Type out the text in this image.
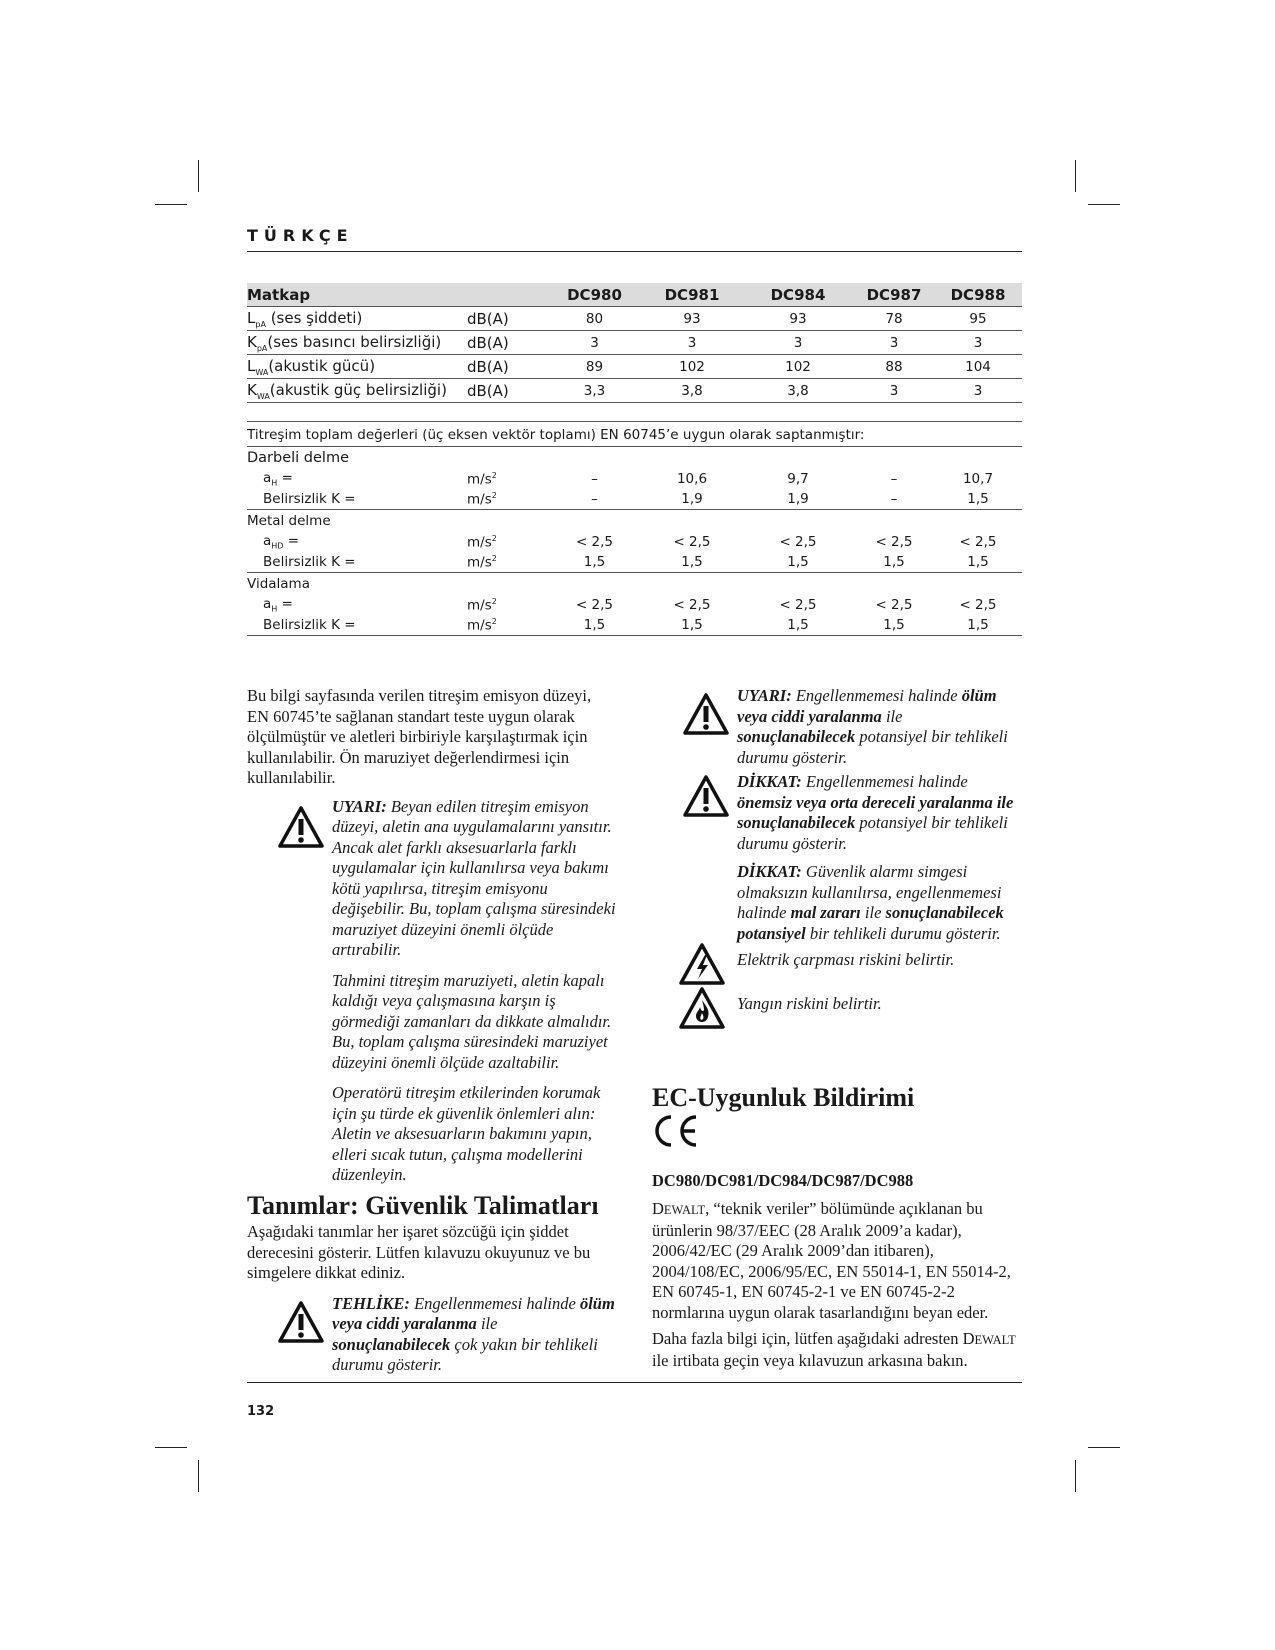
TÜRKÇE
Matkap		DC980	DC981	DC984	DC987	DC988
$L_{pA}$ (ses şiddeti)	dB(A)	80	93	93	78	95
$K_{pA}(ses$ basıncı belirsizliği)	dB(A)	3	3	3	3	3
$L_{WA}(akustik$ gücü)	dB(A)	89	102	102	88	104
$K_{WA}(akustik$ güç belirsizliği)	dB(A)	3,3	3,8	3,8	3	3
Titreşim toplam değerleri (üç eksen vektör toplamı) EN 60745’e uygun olarak saptanmıştır:						
Darbeli delme						
$a_H$ =	$m/s^2$	–	10,6	9,7	–	10,7
Belirsizlik K =	$m/s^2$	–	1,9	1,9	–	1,5
Metal delme						
$a_{HD}$ =	$m/s^2$	< 2,5	< 2,5	< 2,5	< 2,5	< 2,5
Belirsizlik K =	$m/s^2$	1,5	1,5	1,5	1,5	1,5
Vidalama						
$a_H$ =	$m/s^2$	< 2,5	< 2,5	< 2,5	< 2,5	< 2,5
Belirsizlik K =	$m/s^2$	1,5	1,5	1,5	1,5	1,5

Bu bilgi sayfasında verilen titreşim emisyon düzeyi, EN 60745’te sağlanan standart teste uygun olarak ölçülmüştür ve aletleri birbiriyle karşılaştırmak için kullanılabilir. Ön maruziyet değerlendirmesi için kullanılabilir.

UYARI: Beyan edilen titreşim emisyon düzeyi, aletin ana uygulamalarını yansıtır. Ancak alet farklı aksesuarlarla farklı uygulamalar için kullanılırsa veya bakımı kötü yapılırsa, titreşim emisyonu değişebilir. Bu, toplam çalışma süresindeki maruziyet düzeyini önemli ölçüde artırabilir.

Tahmini titreşim maruziyeti, aletin kapalı kaldığı veya çalışmasına karşın iş görmediği zamanları da dikkate almalıdır. Bu, toplam çalışma süresindeki maruziyet düzeyini önemli ölçüde azaltabilir.

Operatörü titreşim etkilerinden korumak için şu türde ek güvenlik önlemleri alın: Aletin ve aksesuarların bakımını yapın, elleri sıcak tutun, çalışma modellerini düzenleyin.

Tanımlar: Güvenlik Talimatları

Aşağıdaki tanımlar her işaret sözcüğü için şiddet derecesini gösterir. Lütfen kılavuzu okuyunuz ve bu simgelere dikkat ediniz.

TEHLİKE: Engellenmemesi halinde ölüm veya ciddi yaralanma ile sonuçlanabilecek çok yakın bir tehlikeli durumu gösterir.

UYARI: Engellenmemesi halinde ölüm veya ciddi yaralanma ile sonuçlanabilecek potansiyel bir tehlikeli durumu gösterir.

DİKKAT: Engellenmemesi halinde önemsiz veya orta dereceli yaralanma ile sonuçlanabilecek potansiyel bir tehlikeli durumu gösterir.

DİKKAT: Güvenlik alarmı simgesi olmaksızın kullanılırsa, engellenmemesi halinde mal zararı ile sonuçlanabilecek potansiyel bir tehlikeli durumu gösterir.

Elektrik çarpması riskini belirtir.

Yangın riskini belirtir.

EC-Uygunluk Bildirimi

DC980/DC981/DC984/DC987/DC988

DEWALT, “teknik veriler” bölümünde açıklanan bu ürünlerin 98/37/EEC (28 Aralık 2009’a kadar), 2006/42/EC (29 Aralık 2009’dan itibaren), 2004/108/EC, 2006/95/EC, EN 55014-1, EN 55014-2, EN 60745-1, EN 60745-2-1 ve EN 60745-2-2 normlarına uygun olarak tasarlandığını beyan eder.

Daha fazla bilgi için, lütfen aşağıdaki adresten DEWALT ile irtibata geçin veya kılavuzun arkasına bakın.

132
